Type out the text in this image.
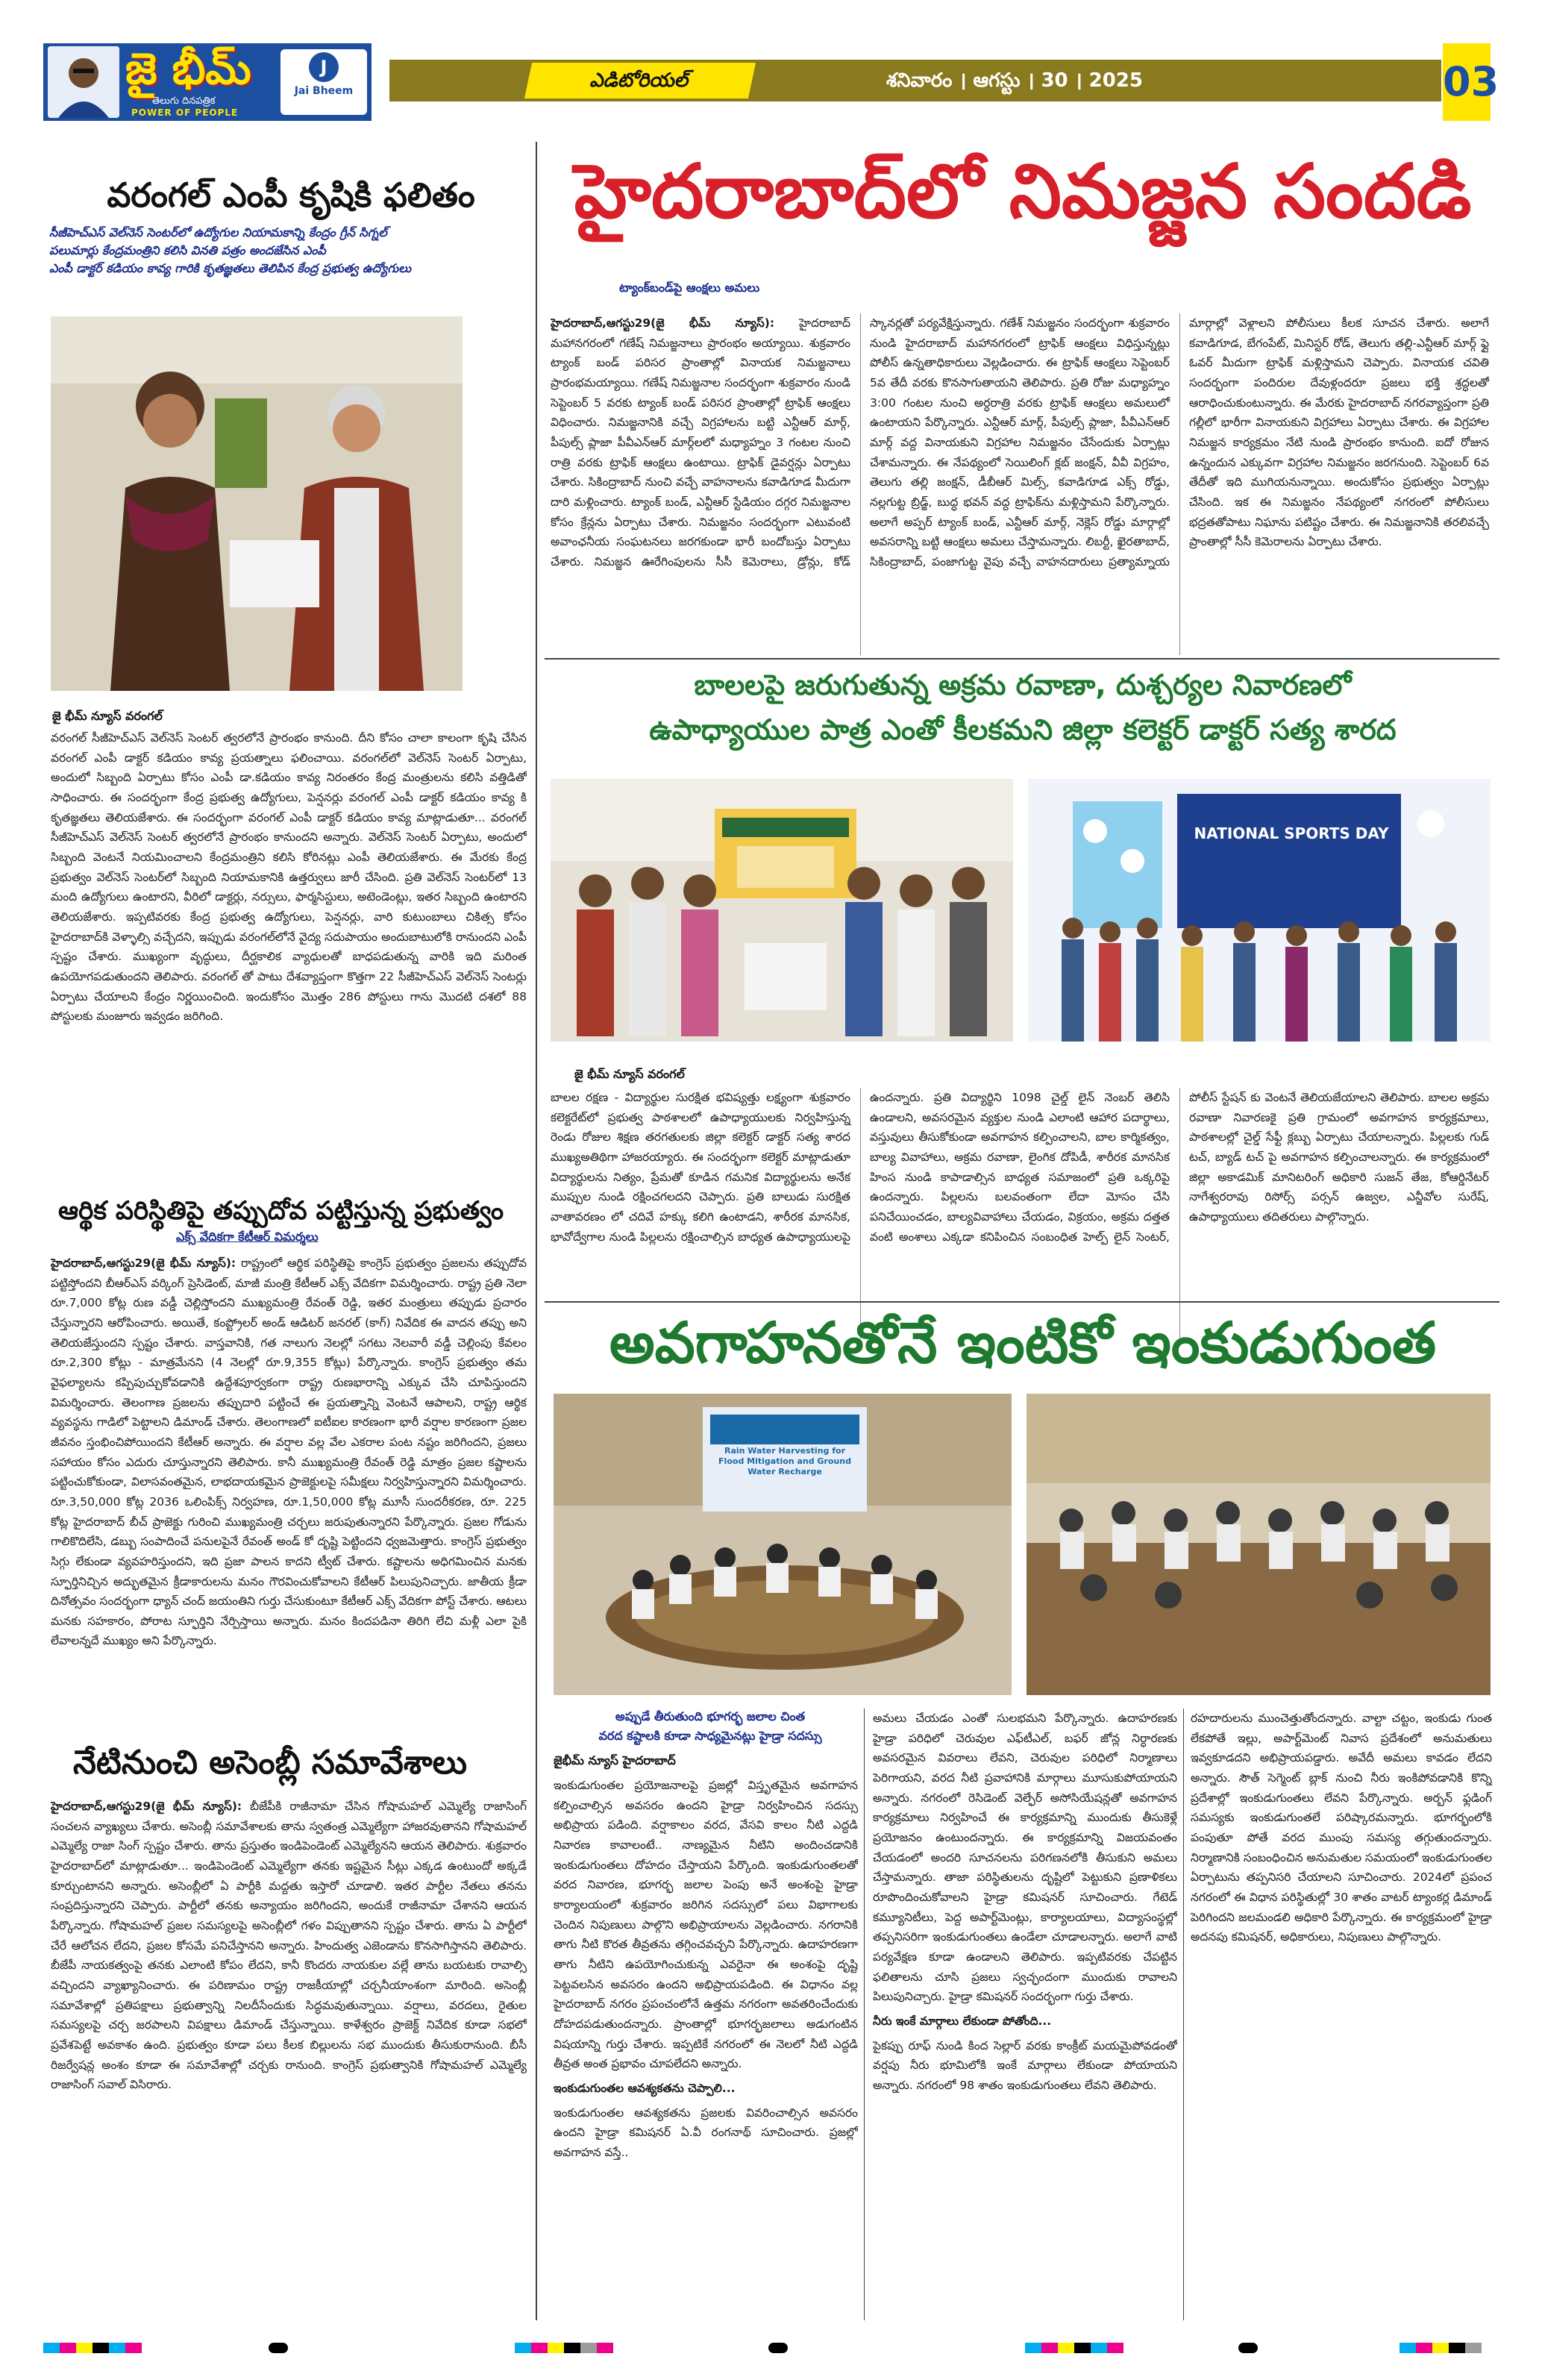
జై భీమ్
తెలుగు దినపత్రిక
POWER OF PEOPLE
J
Jai Bheem	ఎడిటోరియల్	శనివారం । ఆగస్టు । 30 । 2025	03
వరంగల్ ఎంపీ కృషికి ఫలితం
సీజీహెచ్ఎస్ వెల్‌నెస్ సెంటర్‌లో ఉద్యోగుల నియామకాన్ని కేంద్రం గ్రీన్ సిగ్నల్
పలుమార్లు కేంద్రమంత్రిని కలిసి వినతి పత్రం అందజేసిన ఎంపీ
ఎంపీ డాక్టర్ కడియం కావ్య గారికి కృతజ్ఞతలు తెలిపిన కేంద్ర ప్రభుత్వ ఉద్యోగులు
జై భీమ్ న్యూస్ వరంగల్
వరంగల్ సీజీహెచ్ఎస్ వెల్‌నెస్ సెంటర్ త్వరలోనే ప్రారంభం కానుంది. దీని కోసం చాలా కాలంగా కృషి చేసిన వరంగల్ ఎంపీ డాక్టర్ కడియం కావ్య ప్రయత్నాలు ఫలించాయి. వరంగల్‌లో వెల్‌నెస్ సెంటర్ ఏర్పాటు, అందులో సిబ్బంది ఏర్పాటు కోసం ఎంపీ డా.కడియం కావ్య నిరంతరం కేంద్ర మంత్రులను కలిసి వత్తిడితో సాధించారు. ఈ సందర్భంగా కేంద్ర ప్రభుత్వ ఉద్యోగులు, పెన్షనర్లు వరంగల్ ఎంపీ డాక్టర్ కడియం కావ్య కి కృతజ్ఞతలు తెలియజేశారు. ఈ సందర్భంగా వరంగల్ ఎంపీ డాక్టర్ కడియం కావ్య మాట్లాడుతూ... వరంగల్ సీజీహెచ్ఎస్ వెల్‌నెస్ సెంటర్ త్వరలోనే ప్రారంభం కానుందని అన్నారు. వెల్‌నెస్ సెంటర్ ఏర్పాటు, అందులో సిబ్బంది వెంటనే నియమించాలని కేంద్రమంత్రిని కలిసి కోరినట్లు ఎంపీ తెలియజేశారు. ఈ మేరకు కేంద్ర ప్రభుత్వం వెల్‌నెస్ సెంటర్‌లో సిబ్బంది నియామకానికి ఉత్తర్వులు జారీ చేసింది. ప్రతి వెల్‌నెస్ సెంటర్‌లో 13 మంది ఉద్యోగులు ఉంటారని, వీరిలో డాక్టర్లు, నర్సులు, ఫార్మసిస్టులు, అటెండెంట్లు, ఇతర సిబ్బంది ఉంటారని తెలియజేశారు. ఇప్పటివరకు కేంద్ర ప్రభుత్వ ఉద్యోగులు, పెన్షనర్లు, వారి కుటుంబాలు చికిత్స కోసం హైదరాబాద్‌కి వెళ్ళాల్సి వచ్చేదని, ఇప్పుడు వరంగల్‌లోనే వైద్య సదుపాయం అందుబాటులోకి రానుందని ఎంపీ స్పష్టం చేశారు. ముఖ్యంగా వృద్ధులు, దీర్ఘకాలిక వ్యాధులతో బాధపడుతున్న వారికి ఇది మరింత ఉపయోగపడుతుందని తెలిపారు. వరంగల్ తో పాటు దేశవ్యాప్తంగా కొత్తగా 22 సీజీహెచ్ఎస్ వెల్‌నెస్ సెంటర్లు ఏర్పాటు చేయాలని కేంద్రం నిర్ణయించింది. ఇందుకోసం మొత్తం 286 పోస్టులు గాను మొదటి దశలో 88 పోస్టులకు మంజూరు ఇవ్వడం జరిగింది.
ఆర్థిక పరిస్థితిపై తప్పుదోవ పట్టిస్తున్న ప్రభుత్వం
ఎక్స్ వేదికగా కేటీఆర్ విమర్శలు
హైదరాబాద్,ఆగస్టు29(జై భీమ్ న్యూస్): రాష్ట్రంలో ఆర్థిక పరిస్థితిపై కాంగ్రెస్ ప్రభుత్వం ప్రజలను తప్పుదోవ పట్టిస్తోందని బీఆర్ఎస్ వర్కింగ్ ప్రెసిడెంట్, మాజీ మంత్రి కేటీఆర్ ఎక్స్ వేదికగా విమర్శించారు. రాష్ట్ర ప్రతి నెలా రూ.7,000 కోట్ల రుణ వడ్డీ చెల్లిస్తోందని ముఖ్యమంత్రి రేవంత్ రెడ్డి, ఇతర మంత్రులు తప్పుడు ప్రచారం చేస్తున్నారని ఆరోపించారు. అయితే, కంప్ట్రోలర్ అండ్ ఆడిటర్ జనరల్ (కాగ్) నివేదిక ఈ వాదన తప్పు అని తెలియజేస్తుందని స్పష్టం చేశారు. వాస్తవానికి, గత నాలుగు నెలల్లో సగటు నెలవారీ వడ్డీ చెల్లింపు కేవలం రూ.2,300 కోట్లు - మాత్రమేనని (4 నెలల్లో రూ.9,355 కోట్లు) పేర్కొన్నారు. కాంగ్రెస్ ప్రభుత్వం తమ వైఫల్యాలను కప్పిపుచ్చుకోవడానికి ఉద్దేశపూర్వకంగా రాష్ట్ర రుణభారాన్ని ఎక్కువ చేసి చూపిస్తుందని విమర్శించారు. తెలంగాణ ప్రజలను తప్పుదారి పట్టించే ఈ ప్రయత్నాన్ని వెంటనే ఆపాలని, రాష్ట్ర ఆర్థిక వ్యవస్థను గాడిలో పెట్టాలని డిమాండ్ చేశారు. తెలంగాణలో ఐటీఐల కారణంగా భారీ వర్షాల కారణంగా ప్రజల జీవనం స్తంభించిపోయిందని కేటీఆర్ అన్నారు. ఈ వర్షాల వల్ల వేల ఎకరాల పంట నష్టం జరిగిందని, ప్రజలు సహాయం కోసం ఎదురు చూస్తున్నారని తెలిపారు. కానీ ముఖ్యమంత్రి రేవంత్ రెడ్డి మాత్రం ప్రజల కష్టాలను పట్టించుకోకుండా, విలాసవంతమైన, లాభదాయకమైన ప్రాజెక్టులపై సమీక్షలు నిర్వహిస్తున్నారని విమర్శించారు. రూ.3,50,000 కోట్ల 2036 ఒలింపిక్స్ నిర్వహణ, రూ.1,50,000 కోట్ల మూసీ సుందరీకరణ, రూ. 225 కోట్ల హైదరాబాద్ బీచ్ ప్రాజెక్టు గురించి ముఖ్యమంత్రి చర్చలు జరుపుతున్నారని పేర్కొన్నారు. ప్రజల గోడును గాలికొదిలేసి, డబ్బు సంపాదించే పనులపైనే రేవంత్ అండ్ కో దృష్టి పెట్టిందని ధ్వజమెత్తారు. కాంగ్రెస్ ప్రభుత్వం సిగ్గు లేకుండా వ్యవహరిస్తుందని, ఇది ప్రజా పాలన కాదని ట్వీట్ చేశారు. కష్టాలను అధిగమించిన మనకు స్ఫూర్తినిచ్చిన అద్భుతమైన క్రీడాకారులను మనం గౌరవించుకోవాలని కేటీఆర్ పిలుపునిచ్చారు. జాతీయ క్రీడా దినోత్సవం సందర్భంగా ధ్యాన్ చంద్ జయంతిని గుర్తు చేసుకుంటూ కేటీఆర్ ఎక్స్ వేదికగా పోస్ట్ చేశారు. ఆటలు మనకు సహకారం, పోరాట స్ఫూర్తిని నేర్పిస్తాయి అన్నారు. మనం కిందపడినా తిరిగి లేచి మళ్లీ ఎలా పైకి లేవాలన్నదే ముఖ్యం అని పేర్కొన్నారు.
నేటినుంచి అసెంబ్లీ సమావేశాలు
హైదరాబాద్,ఆగస్టు29(జై భీమ్ న్యూస్): బీజేపీకి రాజీనామా చేసిన గోషామహల్ ఎమ్మెల్యే రాజాసింగ్ సంచలన వ్యాఖ్యలు చేశారు. అసెంబ్లీ సమావేశాలకు తాను స్వతంత్ర ఎమ్మెల్యేగా హాజరవుతానని గోషామహల్ ఎమ్మెల్యే రాజా సింగ్ స్పష్టం చేశారు. తాను ప్రస్తుతం ఇండిపెండెంట్ ఎమ్మెల్యేనని ఆయన తెలిపారు. శుక్రవారం హైదరాబాద్‌లో మాట్లాడుతూ... ఇండిపెండెంట్ ఎమ్మెల్యేగా తనకు ఇష్టమైన సీట్లు ఎక్కడ ఉంటుందో అక్కడే కూర్చుంటానని అన్నారు. అసెంబ్లీలో ఏ పార్టీకి మద్దతు ఇస్తారో చూడాలి. ఇతర పార్టీల నేతలు తనను సంప్రదిస్తున్నారని చెప్పారు. పార్టీలో తనకు అన్యాయం జరిగిందని, అందుకే రాజీనామా చేశానని ఆయన పేర్కొన్నారు. గోషామహల్ ప్రజల సమస్యలపై అసెంబ్లీలో గళం విప్పుతానని స్పష్టం చేశారు. తాను ఏ పార్టీలో చేరే ఆలోచన లేదని, ప్రజల కోసమే పనిచేస్తానని అన్నారు. హిందుత్వ ఎజెండాను కొనసాగిస్తానని తెలిపారు. బీజేపీ నాయకత్వంపై తనకు ఎలాంటి కోపం లేదని, కానీ కొందరు నాయకుల వల్లే తాను బయటకు రావాల్సి వచ్చిందని వ్యాఖ్యానించారు. ఈ పరిణామం రాష్ట్ర రాజకీయాల్లో చర్చనీయాంశంగా మారింది. అసెంబ్లీ సమావేశాల్లో ప్రతిపక్షాలు ప్రభుత్వాన్ని నిలదీసేందుకు సిద్ధమవుతున్నాయి. వర్షాలు, వరదలు, రైతుల సమస్యలపై చర్చ జరపాలని విపక్షాలు డిమాండ్ చేస్తున్నాయి. కాళేశ్వరం ప్రాజెక్ట్ నివేదిక కూడా సభలో ప్రవేశపెట్టే అవకాశం ఉంది. ప్రభుత్వం కూడా పలు కీలక బిల్లులను సభ ముందుకు తీసుకురానుంది. బీసీ రిజర్వేషన్ల అంశం కూడా ఈ సమావేశాల్లో చర్చకు రానుంది. కాంగ్రెస్ ప్రభుత్వానికి గోషామహల్ ఎమ్మెల్యే రాజాసింగ్ సవాల్ విసిరారు.
హైదరాబాద్‌లో నిమజ్జన సందడి
ట్యాంక్‌బండ్‌పై ఆంక్షలు అమలు
హైదరాబాద్,ఆగస్టు29(జై భీమ్ న్యూస్): హైదరాబాద్ మహానగరంలో గణేష్ నిమజ్జనాలు ప్రారంభం అయ్యాయి. శుక్రవారం ట్యాంక్ బండ్ పరిసర ప్రాంతాల్లో వినాయక నిమజ్జనాలు ప్రారంభమయ్యాయి. గణేష్ నిమజ్జనాల సందర్భంగా శుక్రవారం నుండి సెప్టెంబర్ 5 వరకు ట్యాంక్ బండ్ పరిసర ప్రాంతాల్లో ట్రాఫిక్ ఆంక్షలు విధించారు. నిమజ్జనానికి వచ్చే విగ్రహాలను బట్టి ఎన్టీఆర్ మార్గ్, పీపుల్స్ ప్లాజా పీవీఎన్ఆర్ మార్గ్‌లలో మధ్యాహ్నం 3 గంటల నుంచి రాత్రి వరకు ట్రాఫిక్ ఆంక్షలు ఉంటాయి. ట్రాఫిక్ డైవర్షన్లు ఏర్పాటు చేశారు. సికింద్రాబాద్ నుంచి వచ్చే వాహనాలను కవాడిగూడ మీదుగా దారి మళ్లించారు. ట్యాంక్ బండ్, ఎన్టీఆర్ స్టేడియం దగ్గర నిమజ్జనాల కోసం క్రేన్లను ఏర్పాటు చేశారు. నిమజ్జనం సందర్భంగా ఎటువంటి అవాంఛనీయ సంఘటనలు జరగకుండా భారీ బందోబస్తు ఏర్పాటు చేశారు. నిమజ్జన ఊరేగింపులను సీసీ కెమెరాలు, డ్రోన్లు, కోడ్ స్కానర్లతో పర్యవేక్షిస్తున్నారు. గణేశ్ నిమజ్జనం సందర్భంగా శుక్రవారం నుండి హైదరాబాద్ మహానగరంలో ట్రాఫిక్ ఆంక్షలు విధిస్తున్నట్లు పోలీస్ ఉన్నతాధికారులు వెల్లడించారు. ఈ ట్రాఫిక్ ఆంక్షలు సెప్టెంబర్ 5వ తేదీ వరకు కొనసాగుతాయని తెలిపారు. ప్రతి రోజు మధ్యాహ్నం 3:00 గంటల నుంచి అర్ధరాత్రి వరకు ట్రాఫిక్ ఆంక్షలు అమలులో ఉంటాయని పేర్కొన్నారు. ఎన్టీఆర్ మార్గ్, పీపుల్స్ ప్లాజా, పీవీఎన్ఆర్ మార్గ్ వద్ద వినాయకుని విగ్రహాల నిమజ్జనం చేసేందుకు ఏర్పాట్లు చేశామన్నారు. ఈ నేపథ్యంలో సెయిలింగ్ క్లబ్ జంక్షన్, వీవీ విగ్రహం, తెలుగు తల్లి జంక్షన్, డీబీఆర్ మిల్స్, కవాడిగూడ ఎక్స్ రోడ్డు, నల్లగుట్ట బ్రిడ్జ్, బుద్ధ భవన్ వద్ద ట్రాఫిక్‌ను మళ్లిస్తామని పేర్కొన్నారు. అలాగే అప్పర్ ట్యాంక్ బండ్, ఎన్టీఆర్ మార్గ్, నెక్లెస్ రోడ్డు మార్గాల్లో అవసరాన్ని బట్టి ఆంక్షలు అమలు చేస్తామన్నారు. లిబర్టీ, ఖైరతాబాద్, సికింద్రాబాద్, పంజాగుట్ట వైపు వచ్చే వాహనదారులు ప్రత్యామ్నాయ మార్గాల్లో వెళ్లాలని పోలీసులు కీలక సూచన చేశారు. అలాగే కవాడిగూడ, బేగంపేట్, మినిస్టర్ రోడ్, తెలుగు తల్లి-ఎన్టీఆర్ మార్గ్ ఫ్లై ఓవర్ మీదుగా ట్రాఫిక్ మళ్లిస్తామని చెప్పారు. వినాయక చవితి సందర్భంగా పందిరుల దేవుళ్లందరూ ప్రజలు భక్తి శ్రద్ధలతో ఆరాధించుకుంటున్నారు. ఈ మేరకు హైదరాబాద్ నగరవ్యాప్తంగా ప్రతి గల్లీలో భారీగా వినాయకుని విగ్రహాలు ఏర్పాటు చేశారు. ఈ విగ్రహాల నిమజ్జన కార్యక్రమం నేటి నుండి ప్రారంభం కానుంది. ఐదో రోజున ఉన్నందున ఎక్కువగా విగ్రహాల నిమజ్జనం జరగనుంది. సెప్టెంబర్ 6వ తేదీతో ఇది ముగియనున్నాయి. అందుకోసం ప్రభుత్వం ఏర్పాట్లు చేసింది. ఇక ఈ నిమజ్జనం నేపథ్యంలో నగరంలో పోలీసులు భద్రతతోపాటు నిఘాను పటిష్టం చేశారు. ఈ నిమజ్జనానికి తరలివచ్చే ప్రాంతాల్లో సీసీ కెమెరాలను ఏర్పాటు చేశారు.
బాలలపై జరుగుతున్న అక్రమ రవాణా, దుశ్చర్యల నివారణలో
ఉపాధ్యాయుల పాత్ర ఎంతో కీలకమని జిల్లా కలెక్టర్ డాక్టర్ సత్య శారద
NATIONAL SPORTS DAY
జై భీమ్ న్యూస్ వరంగల్
బాలల రక్షణ - విద్యార్థుల సురక్షిత భవిష్యత్తు లక్ష్యంగా శుక్రవారం కలెక్టరేట్‌లో ప్రభుత్వ పాఠశాలలో ఉపాధ్యాయులకు నిర్వహిస్తున్న రెండు రోజుల శిక్షణ తరగతులకు జిల్లా కలెక్టర్ డాక్టర్ సత్య శారద ముఖ్యఅతిథిగా హాజరయ్యారు. ఈ సందర్భంగా కలెక్టర్ మాట్లాడుతూ విద్యార్థులను నిత్యం, ప్రేమతో కూడిన గమనిక విద్యార్థులను అనేక ముప్పుల నుండి రక్షించగలదని చెప్పారు. ప్రతి బాలుడు సురక్షిత వాతావరణం లో చదివే హక్కు కలిగి ఉంటాడని, శారీరక మానసిక, భావోద్వేగాల నుండి పిల్లలను రక్షించాల్సిన బాధ్యత ఉపాధ్యాయులపై ఉందన్నారు. ప్రతి విద్యార్థిని 1098 చైల్డ్ లైన్ నెంబర్ తెలిసి ఉండాలని, అవసరమైన వ్యక్తుల నుండి ఎలాంటి ఆహార పదార్థాలు, వస్తువులు తీసుకోకుండా అవగాహన కల్పించాలని, బాల కార్మికత్వం, బాల్య వివాహాలు, అక్రమ రవాణా, లైంగిక దోపిడీ, శారీరక మానసిక హింస నుండి కాపాడాల్సిన బాధ్యత సమాజంలో ప్రతి ఒక్కరిపై ఉందన్నారు. పిల్లలను బలవంతంగా లేదా మోసం చేసి పనిచేయించడం, బాల్యవివాహాలు చేయడం, విక్రయం, అక్రమ దత్తత వంటి అంశాలు ఎక్కడా కనిపించిన సంబంధిత హెల్ప్ లైన్ సెంటర్, పోలీస్ స్టేషన్ కు వెంటనే తెలియజేయాలని తెలిపారు. బాలల అక్రమ రవాణా నివారణకై ప్రతి గ్రామంలో అవగాహన కార్యక్రమాలు, పాఠశాలల్లో చైల్డ్ సేఫ్టీ క్లబ్బు ఏర్పాటు చేయాలన్నారు. పిల్లలకు గుడ్ టచ్, బ్యాడ్ టచ్ పై అవగాహన కల్పించాలన్నారు. ఈ కార్యక్రమంలో జిల్లా అకాడమిక్ మానిటరింగ్ అధికారి సుజన్ తేజ, కోఆర్డినేటర్ నాగేశ్వరరావు రిసోర్స్ పర్సన్ ఉజ్వల, ఎన్జీవోల సురేష్, ఉపాధ్యాయులు తదితరులు పాల్గొన్నారు.
అవగాహనతోనే ఇంటికో ఇంకుడుగుంత
Rain Water Harvesting for Flood Mitigation and Ground Water Recharge
అప్పుడే తీరుతుంది భూగర్భ జలాల చింత
వరద కష్టాలకి కూడా సాధ్యమైనట్లు హైడ్రా సదస్సు
జైభీమ్ న్యూస్ హైదరాబాద్
ఇంకుడుగుంతల ప్రయోజనాలపై ప్రజల్లో విస్తృతమైన అవగాహన కల్పించాల్సిన అవసరం ఉందని హైడ్రా నిర్వహించిన సదస్సు అభిప్రాయ పడింది. వర్షాకాలం వరద, వేసవి కాలం నీటి ఎద్దడి నివారణ కావాలంటే.. నాణ్యమైన నీటిని అందించడానికి ఇంకుడుగుంతలు దోహదం చేస్తాయని పేర్కొంది. ఇంకుడుగుంతలతో వరద నివారణ, భూగర్భ జలాల పెంపు అనే అంశంపై హైడ్రా కార్యాలయంలో శుక్రవారం జరిగిన సదస్సులో పలు విభాగాలకు చెందిన నిపుణులు పాల్గొని అభిప్రాయాలను వెల్లడించారు. నగరానికి తాగు నీటి కొరత తీవ్రతను తగ్గించవచ్చని పేర్కొన్నారు. ఉదాహరణగా తాగు నీటిని ఉపయోగించుకున్న ఎవరైనా ఈ అంశంపై దృష్టి పెట్టవలసిన అవసరం ఉందని అభిప్రాయపడింది. ఈ విధానం వల్ల హైదరాబాద్ నగరం ప్రపంచంలోనే ఉత్తమ నగరంగా అవతరించేందుకు దోహదపడుతుందన్నారు. ప్రాంతాల్లో భూగర్భజలాలు అడుగంటిన విషయాన్ని గుర్తు చేశారు. ఇప్పటికే నగరంలో ఈ నెలలో నీటి ఎద్దడి తీవ్రత అంత ప్రభావం చూపలేదని అన్నారు.
ఇంకుడుగుంతల ఆవశ్యకతను చెప్పాలి...
ఇంకుడుగుంతల ఆవశ్యకతను ప్రజలకు వివరించాల్సిన అవసరం ఉందని హైడ్రా కమిషనర్ ఏ.వీ రంగనాథ్ సూచించారు. ప్రజల్లో అవగాహన వస్తే..
అమలు చేయడం ఎంతో సులభమని పేర్కొన్నారు. ఉదాహరణకు హైడ్రా పరిధిలో చెరువుల ఎఫ్‌టీఎల్, బఫర్ జోన్ల నిర్ధారణకు అవసరమైన వివరాలు లేవని, చెరువుల పరిధిలో నిర్మాణాలు పెరిగాయని, వరద నీటి ప్రవాహానికి మార్గాలు మూసుకుపోయాయని అన్నారు. నగరంలో రెసిడెంట్ వెల్ఫేర్ అసోసియేషన్లతో అవగాహన కార్యక్రమాలు నిర్వహించే ఈ కార్యక్రమాన్ని ముందుకు తీసుకెళ్లే ప్రయోజనం ఉంటుందన్నారు. ఈ కార్యక్రమాన్ని విజయవంతం చేయడంలో అందరి సూచనలను పరిగణనలోకి తీసుకుని అమలు చేస్తామన్నారు. తాజా పరిస్థితులను దృష్టిలో పెట్టుకుని ప్రణాళికలు రూపొందించుకోవాలని హైడ్రా కమిషనర్ సూచించారు. గేటెడ్ కమ్యూనిటీలు, పెద్ద అపార్ట్‌మెంట్లు, కార్యాలయాలు, విద్యాసంస్థల్లో తప్పనిసరిగా ఇంకుడుగుంతలు ఉండేలా చూడాలన్నారు. అలాగే వాటి పర్యవేక్షణ కూడా ఉండాలని తెలిపారు. ఇప్పటివరకు చేపట్టిన ఫలితాలను చూసి ప్రజలు స్వచ్ఛందంగా ముందుకు రావాలని పిలుపునిచ్చారు. హైడ్రా కమిషనర్ సందర్భంగా గుర్తు చేశారు.
నీరు ఇంకే మార్గాలు లేకుండా పోతోంది...
పైకప్పు రూఫ్ నుండి కింద సెల్లార్ వరకు కాంక్రీట్ మయమైపోవడంతో వర్షపు నీరు భూమిలోకి ఇంకే మార్గాలు లేకుండా పోయాయని అన్నారు. నగరంలో 98 శాతం ఇంకుడుగుంతలు లేవని తెలిపారు.
రహదారులను ముంచెత్తుతోందన్నారు. వాల్టా చట్టం, ఇంకుడు గుంత లేకపోతే ఇల్లు, అపార్ట్‌మెంట్ నివాస ప్రదేశంలో అనుమతులు ఇవ్వకూడదని అభిప్రాయపడ్డారు. అవేదీ అమలు కావడం లేదని అన్నారు. సౌత్ సెగ్మెంట్ బ్లాక్ నుంచి నీరు ఇంకిపోవడానికి కొన్ని ప్రదేశాల్లో ఇంకుడుగుంతలు లేవని పేర్కొన్నారు. అర్బన్ ఫ్లడింగ్ సమస్యకు ఇంకుడుగుంతలే పరిష్కారమన్నారు. భూగర్భంలోకి పంపుతూ పోతే వరద ముంపు సమస్య తగ్గుతుందన్నారు. నిర్మాణానికి సంబంధించిన అనుమతుల సమయంలో ఇంకుడుగుంతల ఏర్పాటును తప్పనిసరి చేయాలని సూచించారు. 2024లో ప్రపంచ నగరంలో ఈ విధాన పరిస్థితుల్లో 30 శాతం వాటర్ ట్యాంకర్ల డిమాండ్ పెరిగిందని జలమండలి అధికారి పేర్కొన్నారు. ఈ కార్యక్రమంలో హైడ్రా అదనపు కమిషనర్, అధికారులు, నిపుణులు పాల్గొన్నారు.
